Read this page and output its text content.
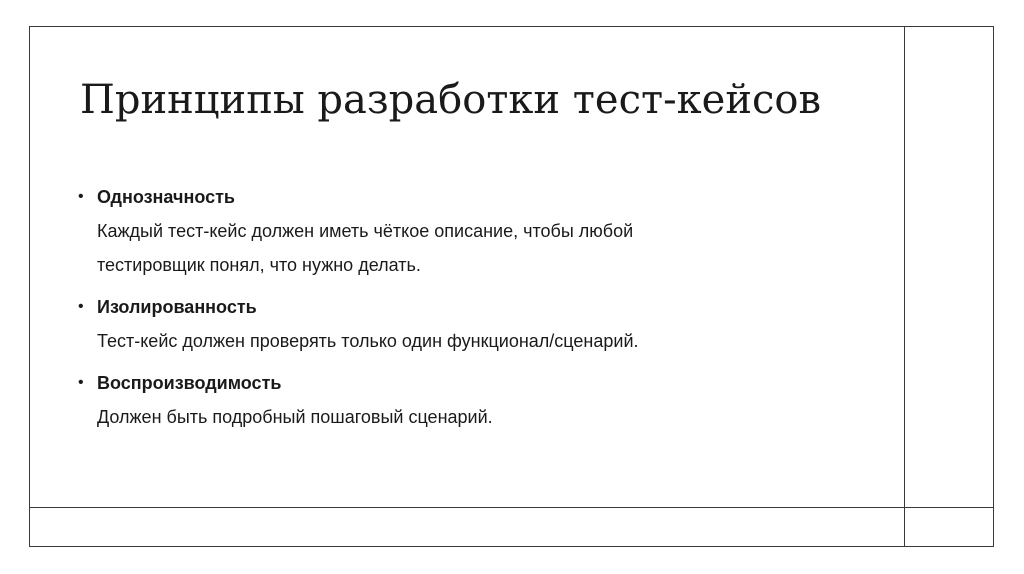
Принципы разработки тест-кейсов
• Однозначность
Каждый тест-кейс должен иметь чёткое описание, чтобы любой
тестировщик понял, что нужно делать.
• Изолированность
Тест-кейс должен проверять только один функционал/сценарий.
• Воспроизводимость
Должен быть подробный пошаговый сценарий.
